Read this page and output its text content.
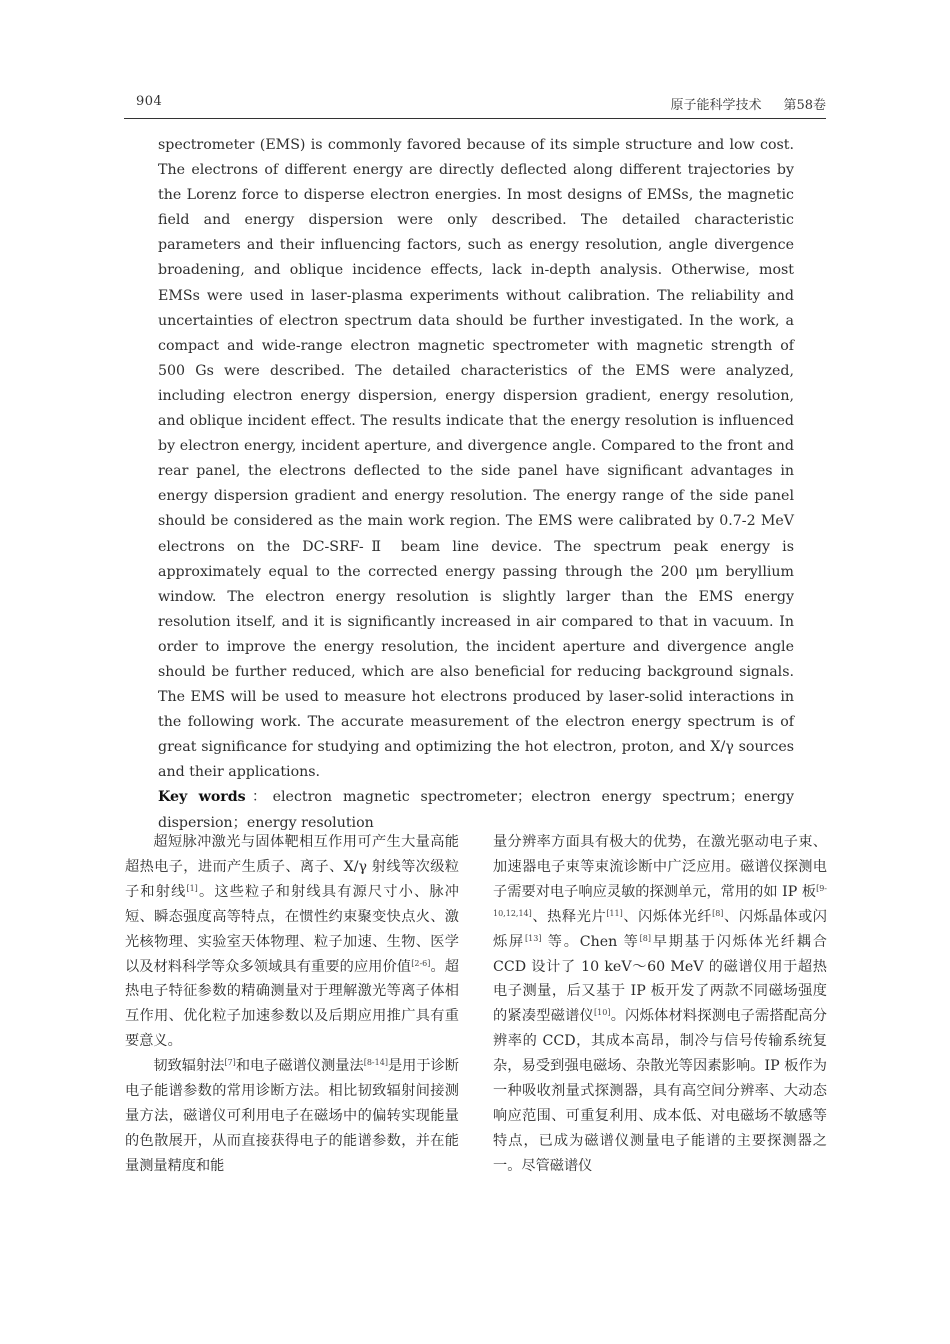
904	原子能科学技术 第58卷

spectrometer (EMS) is commonly favored because of its simple structure and low cost. The electrons of different energy are directly deflected along different trajectories by the Lorenz force to disperse electron energies. In most designs of EMSs, the magnetic field and energy dispersion were only described. The detailed characteristic parameters and their influencing factors, such as energy resolution, angle divergence broadening, and oblique incidence effects, lack in-depth analysis. Otherwise, most EMSs were used in laser-plasma experiments without calibration. The reliability and uncertainties of electron spectrum data should be further investigated. In the work, a compact and wide-range electron magnetic spectrometer with magnetic strength of 500 Gs were described. The detailed characteristics of the EMS were analyzed, including electron energy dispersion, energy dispersion gradient, energy resolution, and oblique incident effect. The results indicate that the energy resolution is influenced by electron energy, incident aperture, and divergence angle. Compared to the front and rear panel, the electrons deflected to the side panel have significant advantages in energy dispersion gradient and energy resolution. The energy range of the side panel should be considered as the main work region. The EMS were calibrated by 0.7-2 MeV electrons on the DC-SRF-Ⅱ beam line device. The spectrum peak energy is approximately equal to the corrected energy passing through the 200 μm beryllium window. The electron energy resolution is slightly larger than the EMS energy resolution itself, and it is significantly increased in air compared to that in vacuum. In order to improve the energy resolution, the incident aperture and divergence angle should be further reduced, which are also beneficial for reducing background signals. The EMS will be used to measure hot electrons produced by laser-solid interactions in the following work. The accurate measurement of the electron energy spectrum is of great significance for studying and optimizing the hot electron, proton, and X/γ sources and their applications.

Key words：electron magnetic spectrometer；electron energy spectrum；energy dispersion；energy resolution

超短脉冲激光与固体靶相互作用可产生大量高能超热电子，进而产生质子、离子、X/γ 射线等次级粒子和射线[1]。这些粒子和射线具有源尺寸小、脉冲短、瞬态强度高等特点，在惯性约束聚变快点火、激光核物理、实验室天体物理、粒子加速、生物、医学以及材料科学等众多领域具有重要的应用价值[2-6]。超热电子特征参数的精确测量对于理解激光等离子体相互作用、优化粒子加速参数以及后期应用推广具有重要意义。

韧致辐射法[7]和电子磁谱仪测量法[8-14]是用于诊断电子能谱参数的常用诊断方法。相比韧致辐射间接测量方法，磁谱仪可利用电子在磁场中的偏转实现能量的色散展开，从而直接获得电子的能谱参数，并在能量测量精度和能

量分辨率方面具有极大的优势，在激光驱动电子束、加速器电子束等束流诊断中广泛应用。磁谱仪探测电子需要对电子响应灵敏的探测单元，常用的如 IP 板[9-10,12,14]、热释光片[11]、闪烁体光纤[8]、闪烁晶体或闪烁屏[13] 等。Chen 等[8]早期基于闪烁体光纤耦合 CCD 设计了 10 keV～60 MeV 的磁谱仪用于超热电子测量，后又基于 IP 板开发了两款不同磁场强度的紧凑型磁谱仪[10]。闪烁体材料探测电子需搭配高分辨率的 CCD，其成本高昂，制冷与信号传输系统复杂，易受到强电磁场、杂散光等因素影响。IP 板作为一种吸收剂量式探测器，具有高空间分辨率、大动态响应范围、可重复利用、成本低、对电磁场不敏感等特点，已成为磁谱仪测量电子能谱的主要探测器之一。尽管磁谱仪
